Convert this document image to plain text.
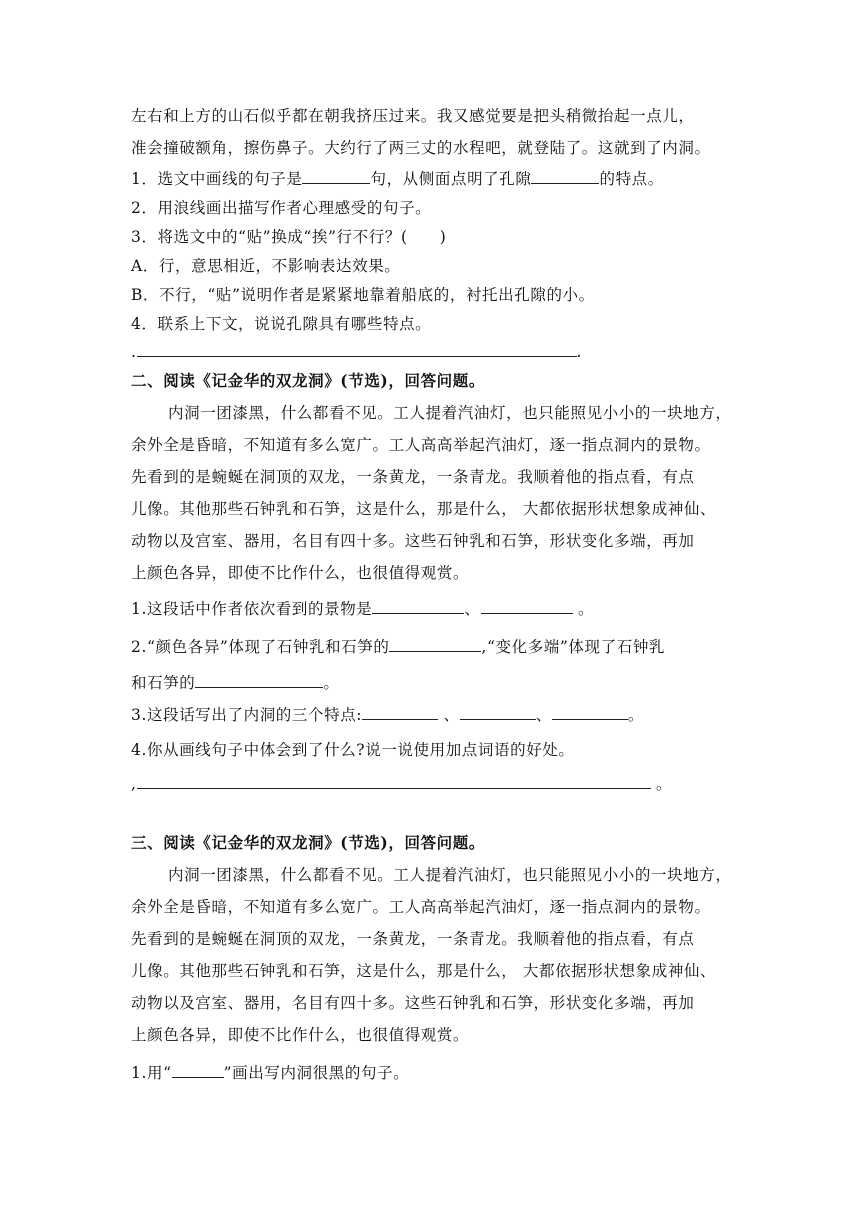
左右和上方的山石似乎都在朝我挤压过来。我又感觉要是把头稍微抬起一点儿，
准会撞破额角，擦伤鼻子。大约行了两三丈的水程吧，就登陆了。这就到了内洞。
1．选文中画线的句子是	句，从侧面点明了孔隙	的特点。
2．用浪线画出描写作者心理感受的句子。
3．将选文中的“贴”换成“挨”行不行？(　　)
A．行，意思相近，不影响表达效果。
B．不行，“贴”说明作者是紧紧地靠着船底的，衬托出孔隙的小。
4．联系上下文，说说孔隙具有哪些特点。
.	.
二、阅读《记金华的双龙洞》(节选)，回答问题。
内洞一团漆黑，什么都看不见。工人提着汽油灯，也只能照见小小的一块地方，
余外全是昏暗，不知道有多么宽广。工人高高举起汽油灯，逐一指点洞内的景物。
先看到的是蜿蜒在洞顶的双龙，一条黄龙，一条青龙。我顺着他的指点看，有点
儿像。其他那些石钟乳和石笋，这是什么，那是什么， 大都依据形状想象成神仙、
动物以及宫室、器用，名目有四十多。这些石钟乳和石笋，形状变化多端，再加
上颜色各异，即使不比作什么，也很值得观赏。
1.这段话中作者依次看到的景物是	、	。
2.“颜色各异”体现了石钟乳和石笋的	,“变化多端”体现了石钟乳
和石笋的	。
3.这段话写出了内洞的三个特点:	、	、	。
4.你从画线句子中体会到了什么?说一说使用加点词语的好处。
,	。
三、阅读《记金华的双龙洞》(节选)，回答问题。
内洞一团漆黑，什么都看不见。工人提着汽油灯，也只能照见小小的一块地方，
余外全是昏暗，不知道有多么宽广。工人高高举起汽油灯，逐一指点洞内的景物。
先看到的是蜿蜒在洞顶的双龙，一条黄龙，一条青龙。我顺着他的指点看，有点
儿像。其他那些石钟乳和石笋，这是什么，那是什么， 大都依据形状想象成神仙、
动物以及宫室、器用，名目有四十多。这些石钟乳和石笋，形状变化多端，再加
上颜色各异，即使不比作什么，也很值得观赏。
1.用“	”画出写内洞很黑的句子。
